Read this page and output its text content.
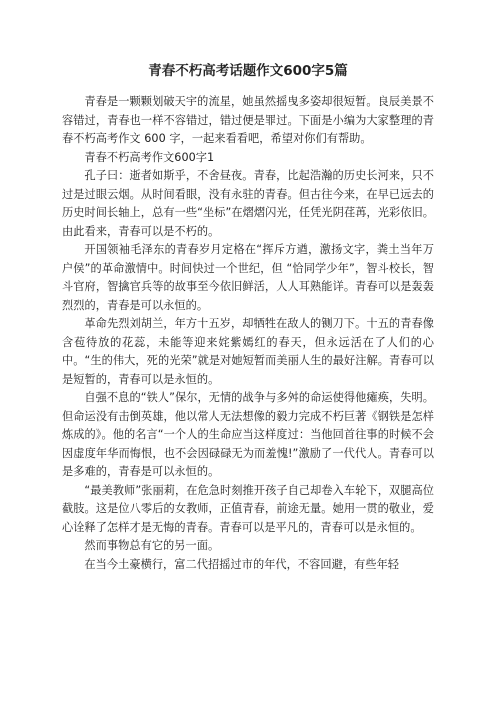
青春不朽高考话题作文600字5篇

青春是一颗颗划破天宇的流星，她虽然摇曳多姿却很短暂。良辰美景不容错过，青春也一样不容错过，错过便是罪过。下面是小编为大家整理的青春不朽高考作文 600 字，一起来看看吧，希望对你们有帮助。

青春不朽高考作文600字1

孔子曰：逝者如斯乎，不舍昼夜。青春，比起浩瀚的历史长河来，只不过是过眼云烟。从时间看眼，没有永驻的青春。但古往今来，在早已远去的历史时间长轴上，总有一些“坐标”在熠熠闪光，任凭光阴荏苒，光彩依旧。由此看来，青春可以是不朽的。

开国领袖毛泽东的青春岁月定格在“挥斥方遒，激扬文字，粪土当年万户侯”的革命激情中。时间快过一个世纪，但 “恰同学少年”，智斗校长，智斗官府，智擒官兵等的故事至今依旧鲜活，人人耳熟能详。青春可以是轰轰烈烈的，青春是可以永恒的。

革命先烈刘胡兰，年方十五岁，却牺牲在敌人的铡刀下。十五的青春像含苞待放的花蕊，未能等迎来姹紫嫣红的春天，但永远活在了人们的心中。“生的伟大，死的光荣”就是对她短暂而美丽人生的最好注解。青春可以是短暂的，青春可以是永恒的。

自强不息的“铁人”保尔，无情的战争与多舛的命运使得他瘫痪，失明。但命运没有击倒英雄，他以常人无法想像的毅力完成不朽巨著《钢铁是怎样炼成的》。他的名言“一个人的生命应当这样度过：当他回首往事的时候不会因虚度年华而悔恨，也不会因碌碌无为而羞愧!”激励了一代代人。青春可以是多难的，青春是可以永恒的。

“最美教师”张丽莉，在危急时刻推开孩子自己却卷入车轮下，双腿高位截肢。这是位八零后的女教师，正值青春，前途无量。她用一贯的敬业，爱心诠释了怎样才是无悔的青春。青春可以是平凡的，青春可以是永恒的。

然而事物总有它的另一面。

在当今土豪横行，富二代招摇过市的年代，不容回避，有些年轻
